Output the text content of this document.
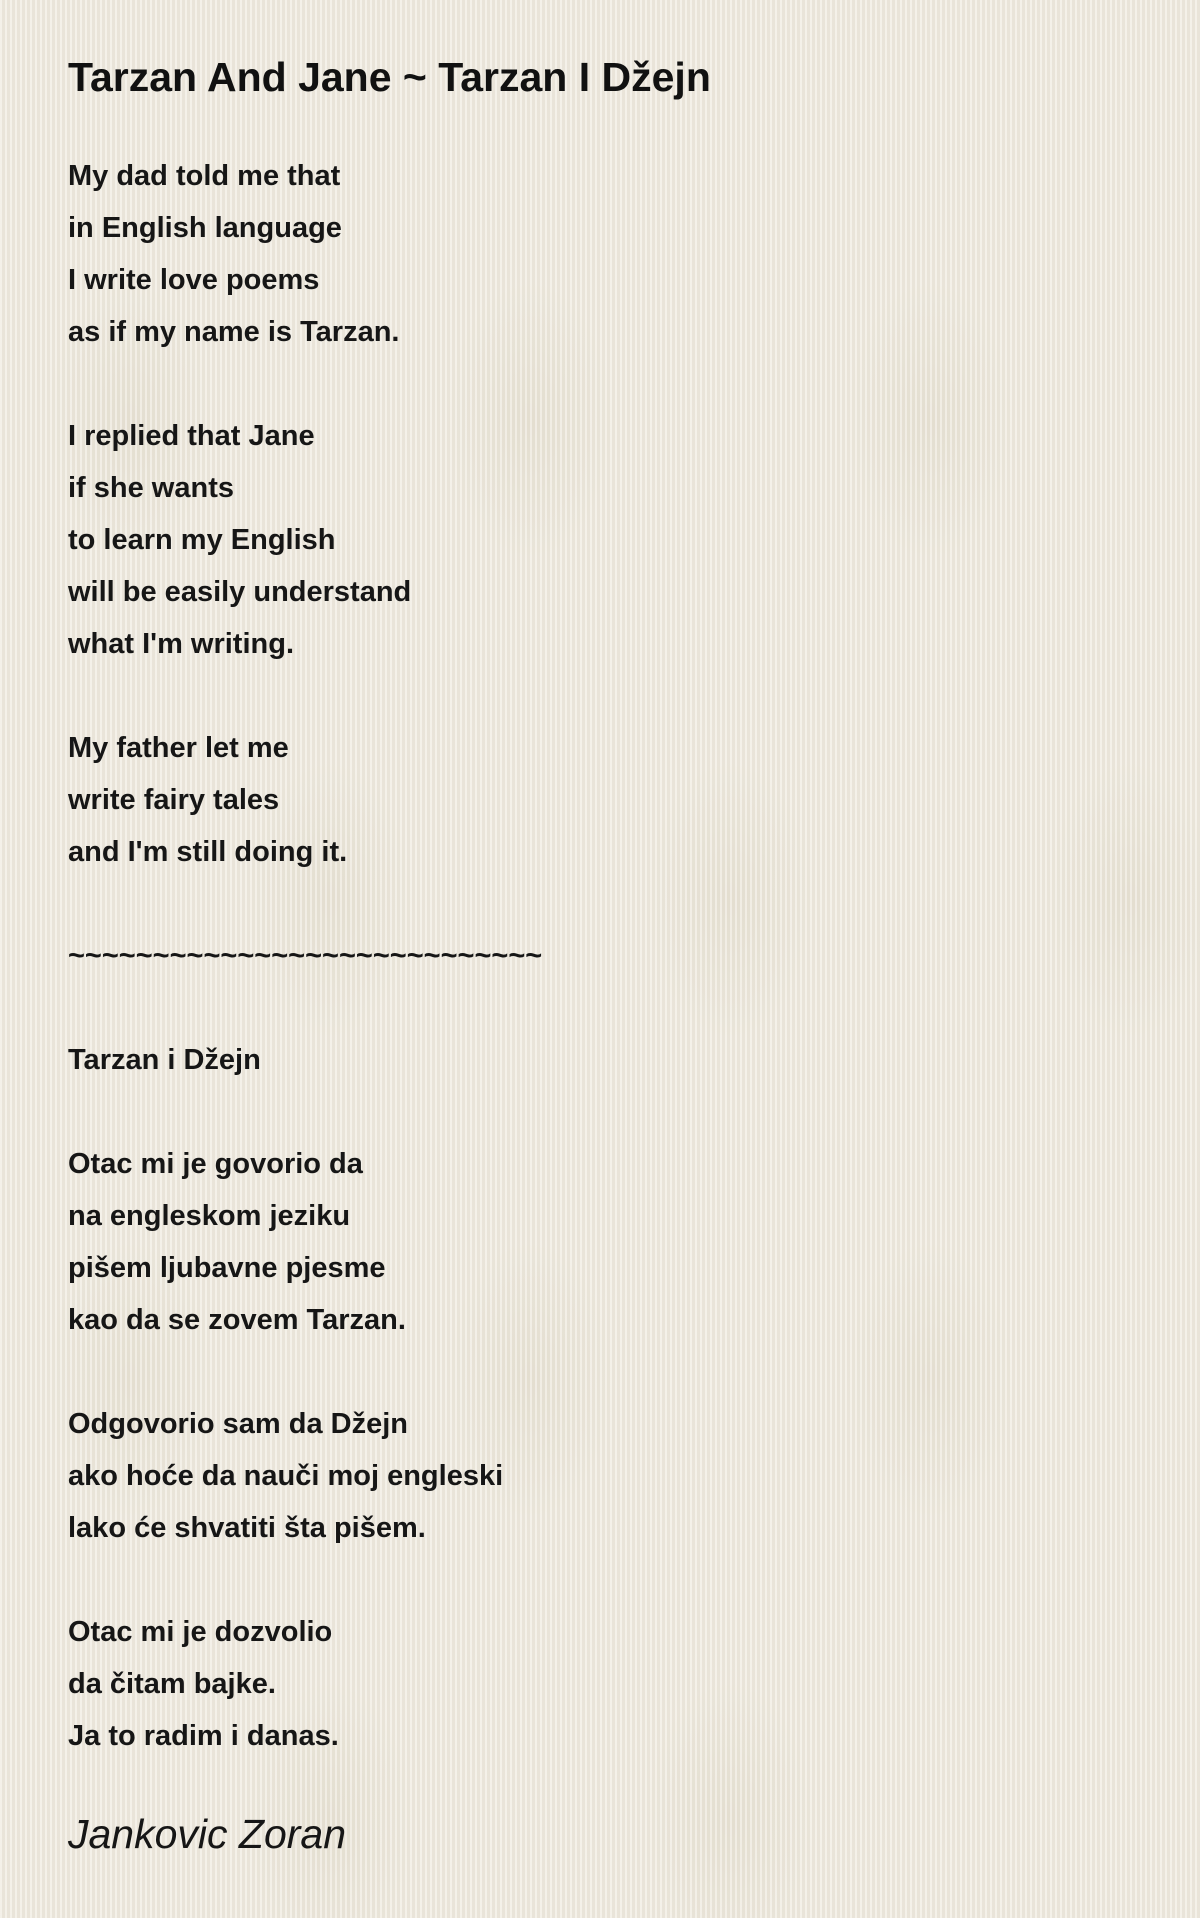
Tarzan And Jane ~ Tarzan I Džejn
My dad told me that
in English language
I write love poems
as if my name is Tarzan.
I replied that Jane
if she wants
to learn my English
will be easily understand
what I'm writing.
My father let me
write fairy tales
and I'm still doing it.
~~~~~~~~~~~~~~~~~~~~~~~~~~~~
Tarzan i Džejn
Otac mi je govorio da
na engleskom jeziku
pišem ljubavne pjesme
kao da se zovem Tarzan.
Odgovorio sam da Džejn
ako hoće da nauči moj engleski
lako će shvatiti šta pišem.
Otac mi je dozvolio
da čitam bajke.
Ja to radim i danas.
Jankovic Zoran
